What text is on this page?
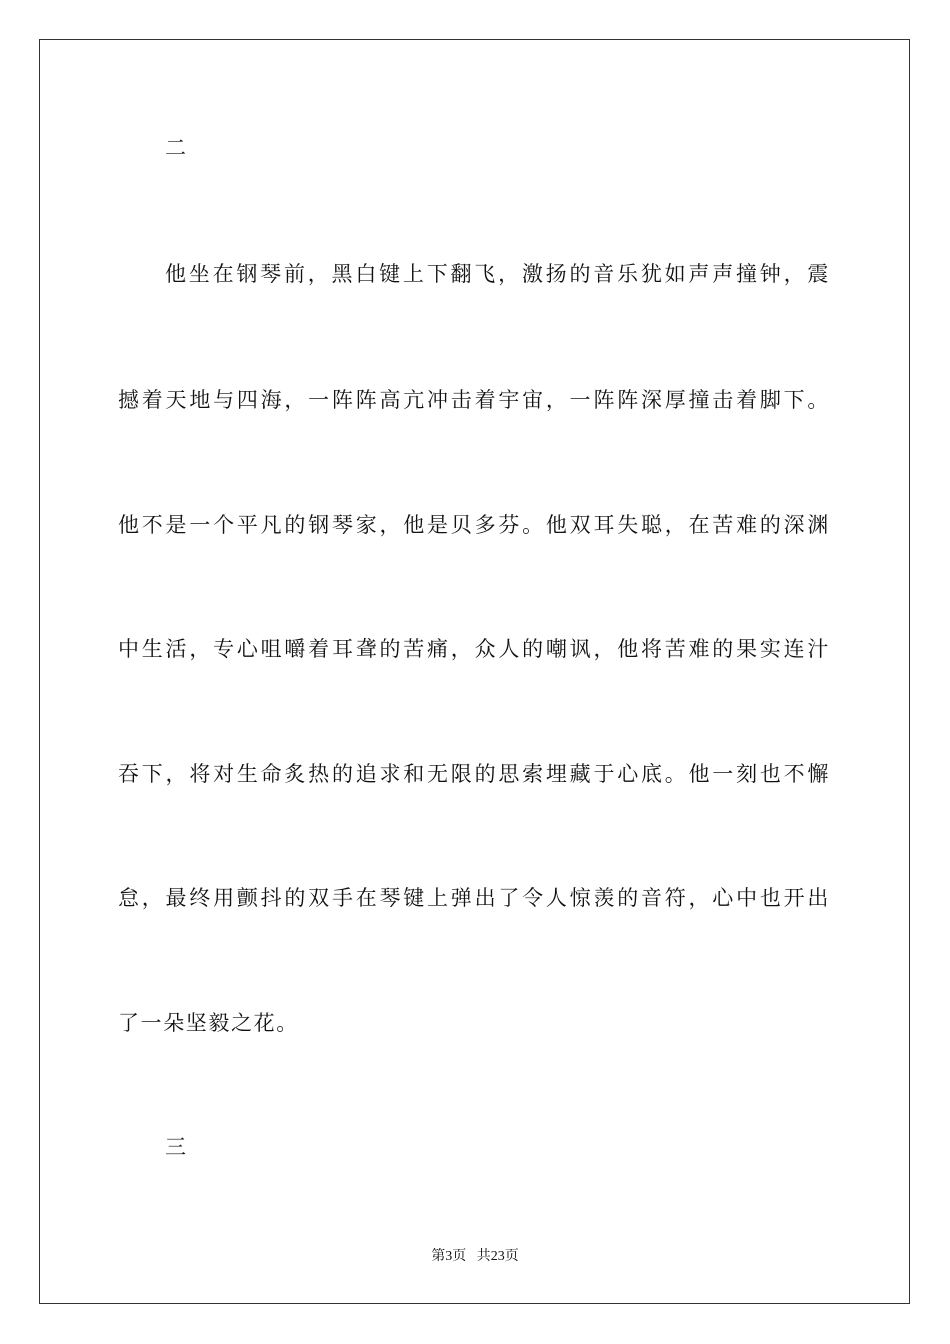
二
他坐在钢琴前，黑白键上下翻飞，激扬的音乐犹如声声撞钟，震
撼着天地与四海，一阵阵高亢冲击着宇宙，一阵阵深厚撞击着脚下。
他不是一个平凡的钢琴家，他是贝多芬。他双耳失聪，在苦难的深渊
中生活，专心咀嚼着耳聋的苦痛，众人的嘲讽，他将苦难的果实连汁
吞下，将对生命炙热的追求和无限的思索埋藏于心底。他一刻也不懈
怠，最终用颤抖的双手在琴键上弹出了令人惊羡的音符，心中也开出
了一朵坚毅之花。
三
第3页 共23页
